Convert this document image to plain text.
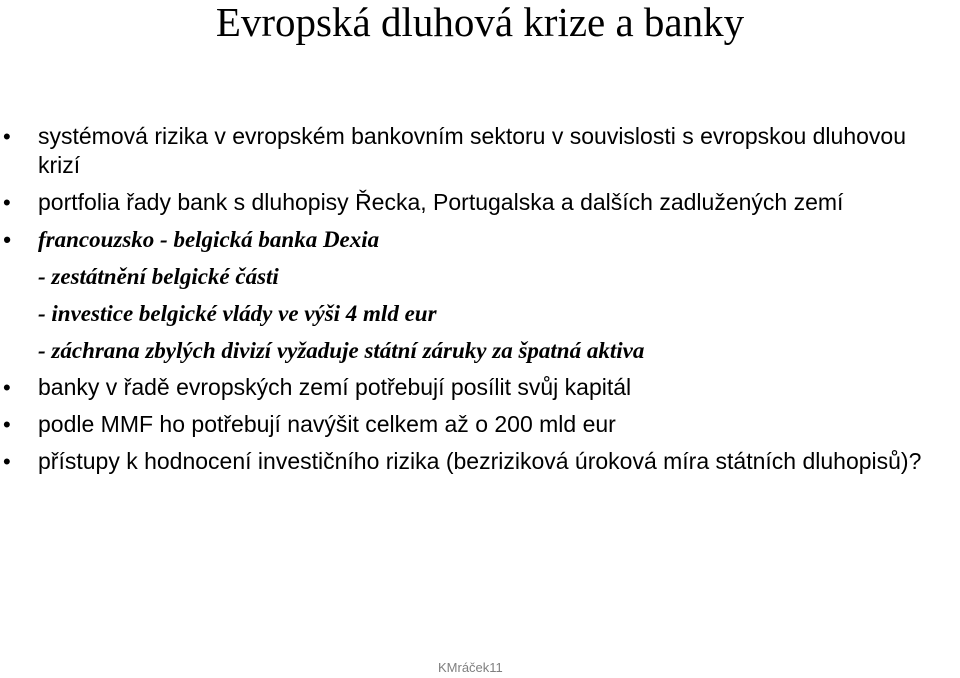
Evropská dluhová krize a banky
• systémová rizika v evropském bankovním sektoru v souvislosti s evropskou dluhovou krizí
• portfolia řady bank s dluhopisy Řecka, Portugalska a dalších zadlužených zemí
• francouzsko - belgická banka Dexia
- zestátnění belgické části
- investice belgické vlády ve výši 4 mld eur
- záchrana zbylých divizí vyžaduje státní záruky za špatná aktiva
• banky v řadě evropských zemí potřebují posílit svůj kapitál
• podle MMF ho potřebují navýšit celkem až o 200 mld eur
• přístupy k hodnocení investičního rizika (bezriziková úroková míra státních dluhopisů)?
KMráček11
